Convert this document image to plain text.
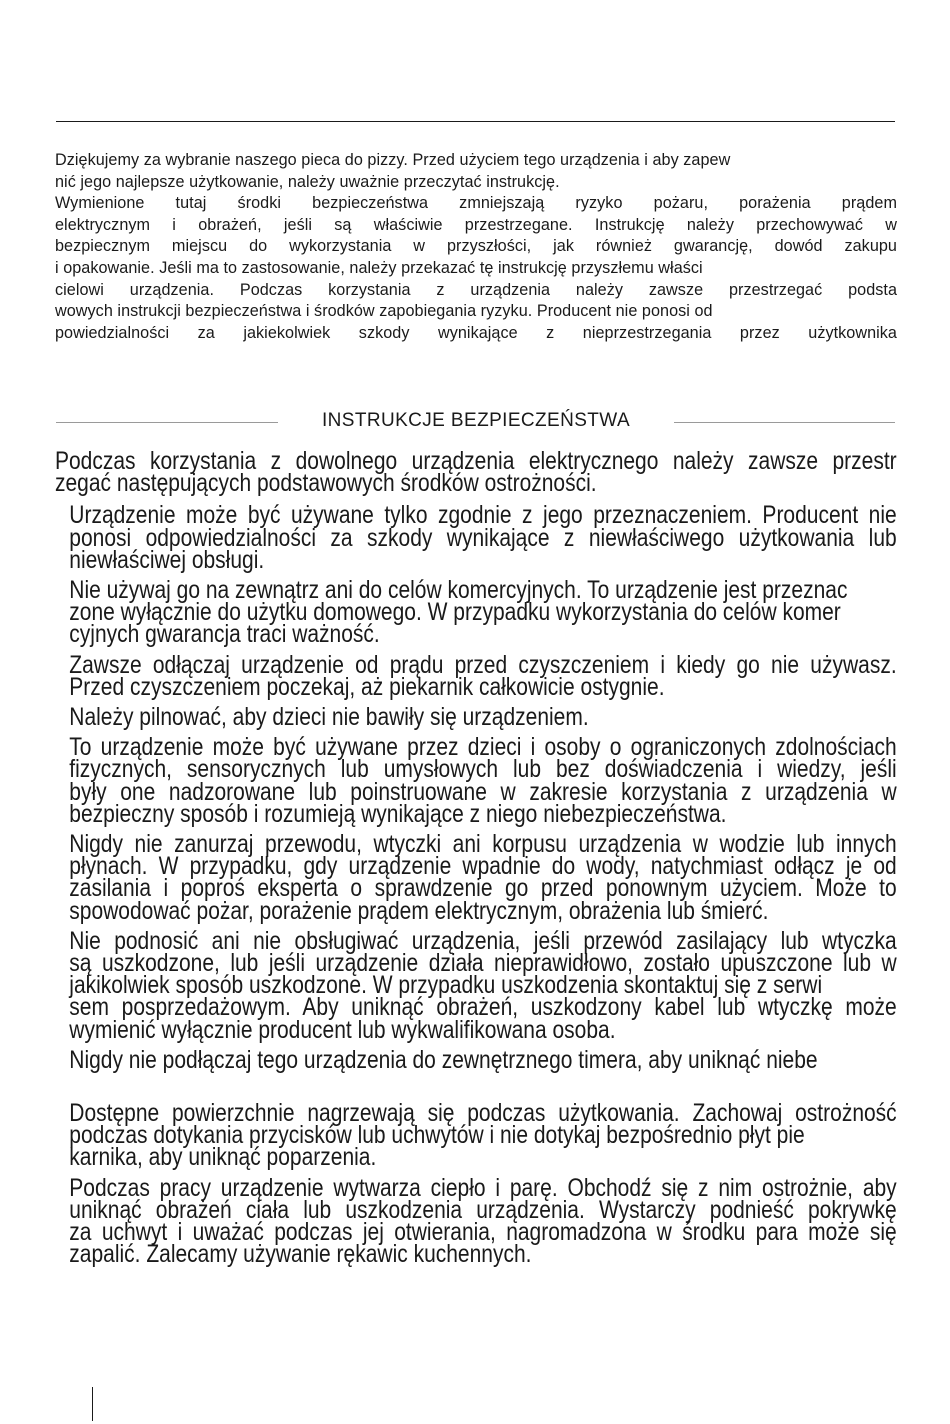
Dziękujemy za wybranie naszego pieca do pizzy. Przed użyciem tego urządzenia i aby zapew
nić jego najlepsze użytkowanie, należy uważnie przeczytać instrukcję.
Wymienione tutaj środki bezpieczeństwa zmniejszają ryzyko pożaru, porażenia prądem
elektrycznym i obrażeń, jeśli są właściwie przestrzegane. Instrukcję należy przechowywać w
bezpiecznym miejscu do wykorzystania w przyszłości, jak również gwarancję, dowód zakupu
i opakowanie. Jeśli ma to zastosowanie, należy przekazać tę instrukcję przyszłemu właści
cielowi urządzenia. Podczas korzystania z urządzenia należy zawsze przestrzegać podsta
wowych instrukcji bezpieczeństwa i środków zapobiegania ryzyku. Producent nie ponosi od
powiedzialności za jakiekolwiek szkody wynikające z nieprzestrzegania przez użytkownika
INSTRUKCJE BEZPIECZEŃSTWA
Podczas korzystania z dowolnego urządzenia elektrycznego należy zawsze przestr
zegać następujących podstawowych środków ostrożności.
Urządzenie może być używane tylko zgodnie z jego przeznaczeniem. Producent nie
ponosi odpowiedzialności za szkody wynikające z niewłaściwego użytkowania lub
niewłaściwej obsługi.
Nie używaj go na zewnątrz ani do celów komercyjnych. To urządzenie jest przeznac
zone wyłącznie do użytku domowego. W przypadku wykorzystania do celów komer
cyjnych gwarancja traci ważność.
Zawsze odłączaj urządzenie od prądu przed czyszczeniem i kiedy go nie używasz.
Przed czyszczeniem poczekaj, aż piekarnik całkowicie ostygnie.
Należy pilnować, aby dzieci nie bawiły się urządzeniem.
To urządzenie może być używane przez dzieci i osoby o ograniczonych zdolnościach
fizycznych, sensorycznych lub umysłowych lub bez doświadczenia i wiedzy, jeśli
były one nadzorowane lub poinstruowane w zakresie korzystania z urządzenia w
bezpieczny sposób i rozumieją wynikające z niego niebezpieczeństwa.
Nigdy nie zanurzaj przewodu, wtyczki ani korpusu urządzenia w wodzie lub innych
płynach. W przypadku, gdy urządzenie wpadnie do wody, natychmiast odłącz je od
zasilania i poproś eksperta o sprawdzenie go przed ponownym użyciem. Może to
spowodować pożar, porażenie prądem elektrycznym, obrażenia lub śmierć.
Nie podnosić ani nie obsługiwać urządzenia, jeśli przewód zasilający lub wtyczka
są uszkodzone, lub jeśli urządzenie działa nieprawidłowo, zostało upuszczone lub w
jakikolwiek sposób uszkodzone. W przypadku uszkodzenia skontaktuj się z serwi
sem posprzedażowym. Aby uniknąć obrażeń, uszkodzony kabel lub wtyczkę może
wymienić wyłącznie producent lub wykwalifikowana osoba.
Nigdy nie podłączaj tego urządzenia do zewnętrznego timera, aby uniknąć niebe
Dostępne powierzchnie nagrzewają się podczas użytkowania. Zachowaj ostrożność
podczas dotykania przycisków lub uchwytów i nie dotykaj bezpośrednio płyt pie
karnika, aby uniknąć poparzenia.
Podczas pracy urządzenie wytwarza ciepło i parę. Obchodź się z nim ostrożnie, aby
uniknąć obrażeń ciała lub uszkodzenia urządzenia. Wystarczy podnieść pokrywkę
za uchwyt i uważać podczas jej otwierania, nagromadzona w środku para może się
zapalić. Zalecamy używanie rękawic kuchennych.
